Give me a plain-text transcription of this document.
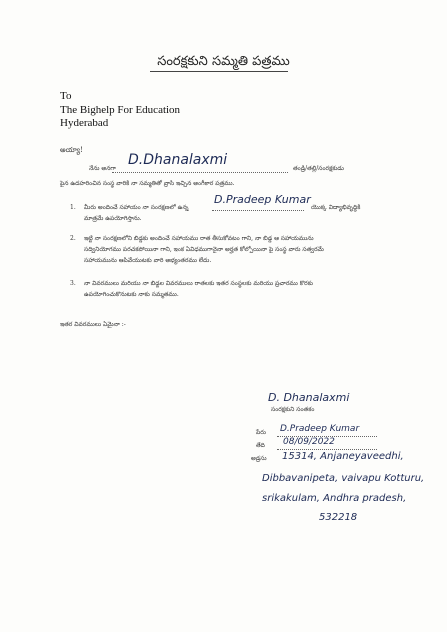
సంరక్షకుని సమ్మతి పత్రము
To
The Bighelp For Education
Hyderabad
అయ్యా!
నేను అనగా
D.Dhanalaxmi
తండ్రి/తల్లి/సంరక్షకుడు
పైన ఉదహరించిన సంస్థ వారికి నా సమ్మతితో వ్రాసి ఇచ్చిన అంగీకార పత్రము.
1. మీరు అందించే సహాయం నా సంరక్షణలో ఉన్న
D.Pradeep Kumar
యొక్క విద్యాభివృద్ధికి
మాత్రమే ఉపయోగిస్తాను.
2. ఇట్టి నా సంరక్షణలోని బిడ్డకు అందించే సహాయము రాత తీసుకోవటం గాని, నా బిడ్డ ఆ సహాయమును
సద్వినియోగము పరచకపోయినా గాని, ఇంక ఏవిధముగానైనా అర్హత కోల్పోయినా పై సంస్థ వారు సత్వరమే
సహాయమును ఆపివేయుటకు వారి అభ్యంతరము లేదు.
3. నా వివరములు మరియు నా బిడ్డల వివరములు రాతలకు ఇతర సంస్థలకు మరియు ప్రచారము కొరకు
ఉపయోగించుకొనుటకు నాకు సమ్మతము.
ఇతర వివరములు ఏమైనా :-
D. Dhanalaxmi
సంరక్షకుని సంతకం
పేరు D.Pradeep Kumar
తేది 08/09/2022
అడ్రసు 15314, Anjaneyaveedhi,
Dibbavanipeta, vaivapu Kotturu,
srikakulam, Andhra pradesh,
532218
